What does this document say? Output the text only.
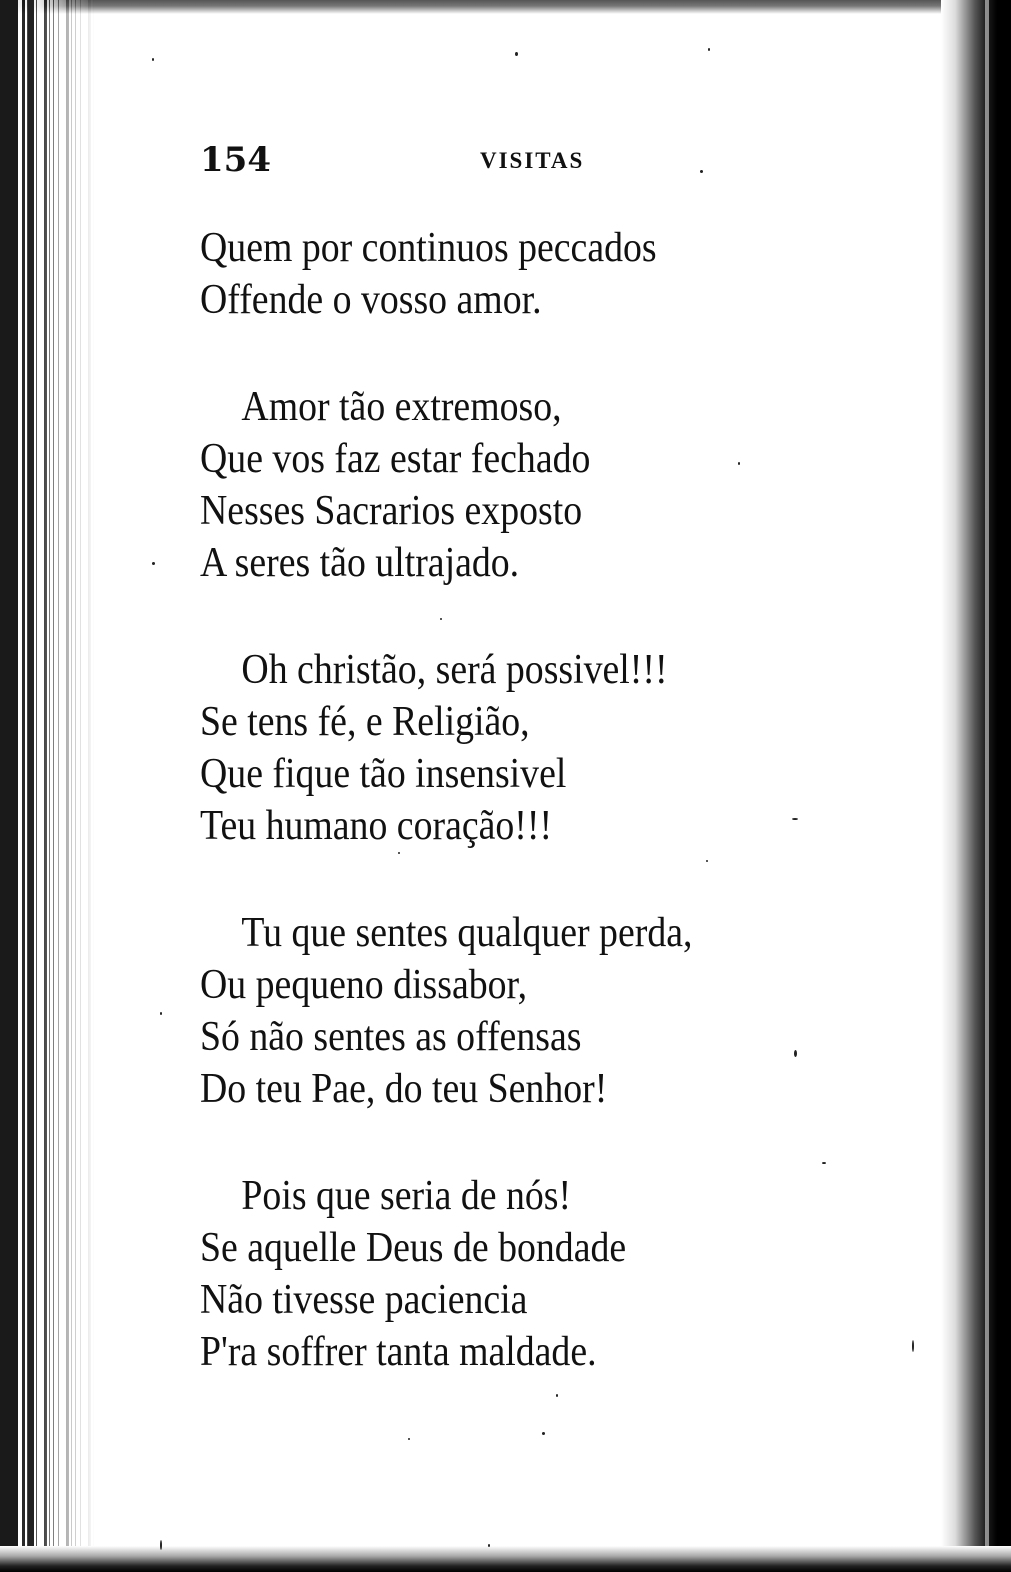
154	VISITAS
Quem por continuos peccados
Offende o vosso amor.
Amor tão extremoso,
Que vos faz estar fechado
Nesses Sacrarios exposto
A seres tão ultrajado.
Oh christão, será possivel!!!
Se tens fé, e Religião,
Que fique tão insensivel
Teu humano coração!!!
Tu que sentes qualquer perda,
Ou pequeno dissabor,
Só não sentes as offensas
Do teu Pae, do teu Senhor!
Pois que seria de nós!
Se aquelle Deus de bondade
Não tivesse paciencia
P'ra soffrer tanta maldade.
